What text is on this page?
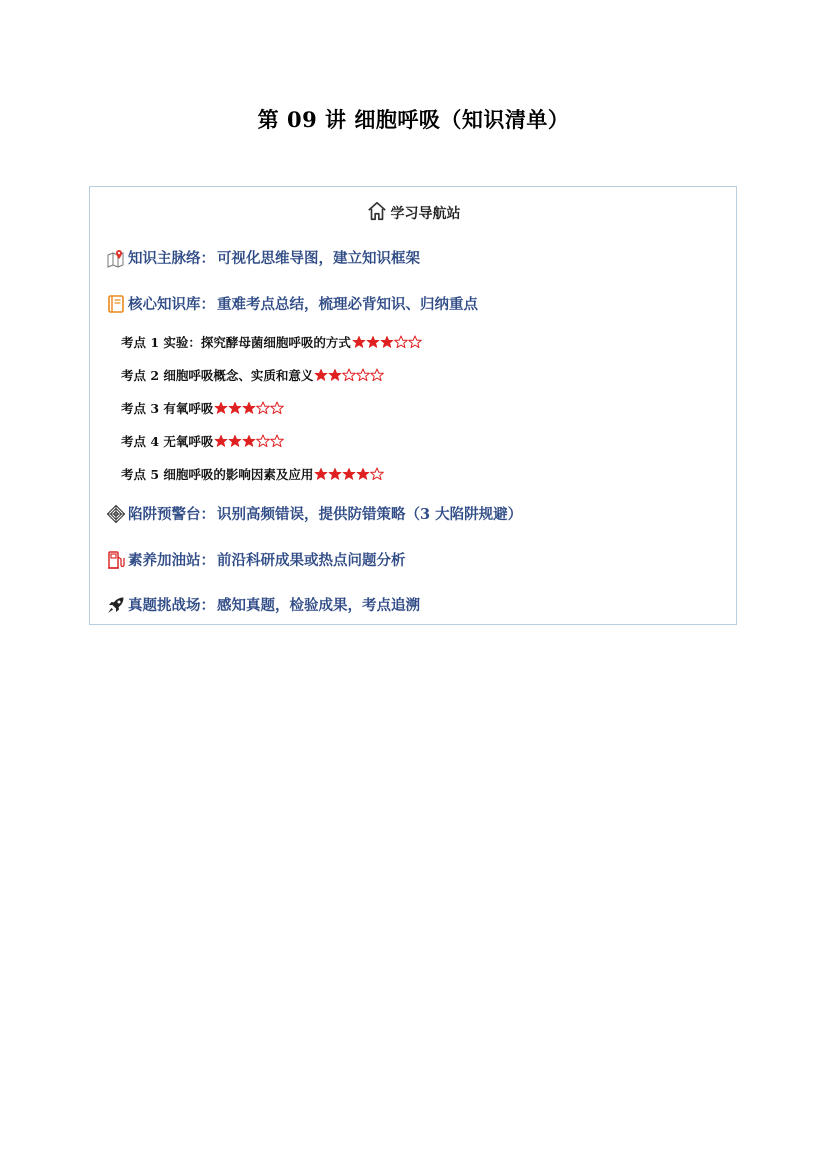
第 09 讲 细胞呼吸（知识清单）
学习导航站
知识主脉络 ： 可视化思维导图，建立知识框架
核心知识库 ： 重难考点总结，梳理必背知识、归纳重点
考点 1 实验：探究酵母菌细胞呼吸的方式
考点 2 细胞呼吸概念、实质和意义
考点 3 有氧呼吸
考点 4 无氧呼吸
考点 5 细胞呼吸的影响因素及应用
陷阱预警台 ： 识别高频错误，提供防错策略（3 大陷阱规避）
素养加油站 ： 前沿科研成果或热点问题分析
真题挑战场 ： 感知真题，检验成果，考点追溯
